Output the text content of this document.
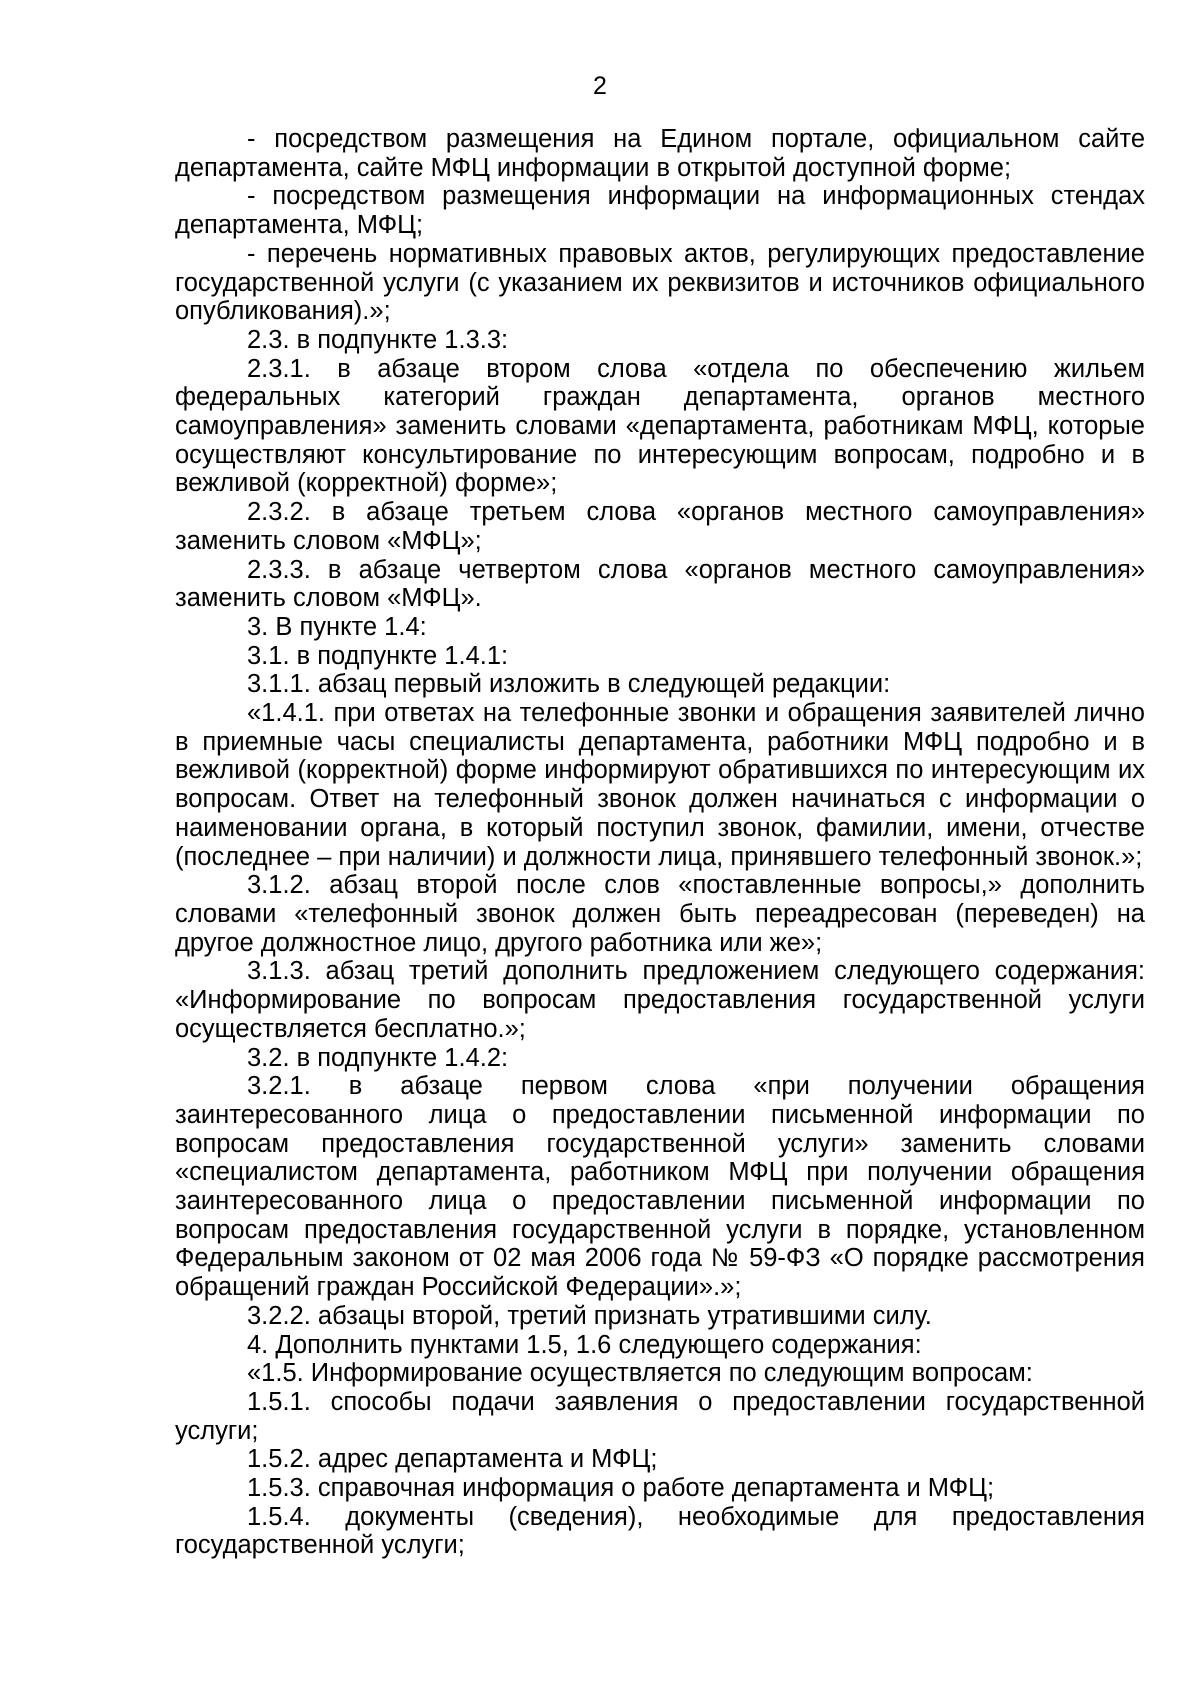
2

- посредством размещения на Едином портале, официальном сайте департамента, сайте МФЦ информации в открытой доступной форме;

- посредством размещения информации на информационных стендах департамента, МФЦ;

- перечень нормативных правовых актов, регулирующих предоставление государственной услуги (с указанием их реквизитов и источников официального опубликования).»;

2.3. в подпункте 1.3.3:

2.3.1. в абзаце втором слова «отдела по обеспечению жильем федеральных категорий граждан департамента, органов местного самоуправления» заменить словами «департамента, работникам МФЦ, которые осуществляют консультирование по интересующим вопросам, подробно и в вежливой (корректной) форме»;

2.3.2. в абзаце третьем слова «органов местного самоуправления» заменить словом «МФЦ»;

2.3.3. в абзаце четвертом слова «органов местного самоуправления» заменить словом «МФЦ».

3. В пункте 1.4:

3.1. в подпункте 1.4.1:

3.1.1. абзац первый изложить в следующей редакции:

«1.4.1. при ответах на телефонные звонки и обращения заявителей лично в приемные часы специалисты департамента, работники МФЦ подробно и в вежливой (корректной) форме информируют обратившихся по интересующим их вопросам. Ответ на телефонный звонок должен начинаться с информации о наименовании органа, в который поступил звонок, фамилии, имени, отчестве (последнее – при наличии) и должности лица, принявшего телефонный звонок.»;

3.1.2. абзац второй после слов «поставленные вопросы,» дополнить словами «телефонный звонок должен быть переадресован (переведен) на другое должностное лицо, другого работника или же»;

3.1.3. абзац третий дополнить предложением следующего содержания: «Информирование по вопросам предоставления государственной услуги осуществляется бесплатно.»;

3.2. в подпункте 1.4.2:

3.2.1. в абзаце первом слова «при получении обращения заинтересованного лица о предоставлении письменной информации по вопросам предоставления государственной услуги» заменить словами «специалистом департамента, работником МФЦ при получении обращения заинтересованного лица о предоставлении письменной информации по вопросам предоставления государственной услуги в порядке, установленном Федеральным законом от 02 мая 2006 года № 59-ФЗ «О порядке рассмотрения обращений граждан Российской Федерации».»;

3.2.2. абзацы второй, третий признать утратившими силу.

4. Дополнить пунктами 1.5, 1.6 следующего содержания:

«1.5. Информирование осуществляется по следующим вопросам:

1.5.1. способы подачи заявления о предоставлении государственной услуги;

1.5.2. адрес департамента и МФЦ;

1.5.3. справочная информация о работе департамента и МФЦ;

1.5.4. документы (сведения), необходимые для предоставления государственной услуги;
